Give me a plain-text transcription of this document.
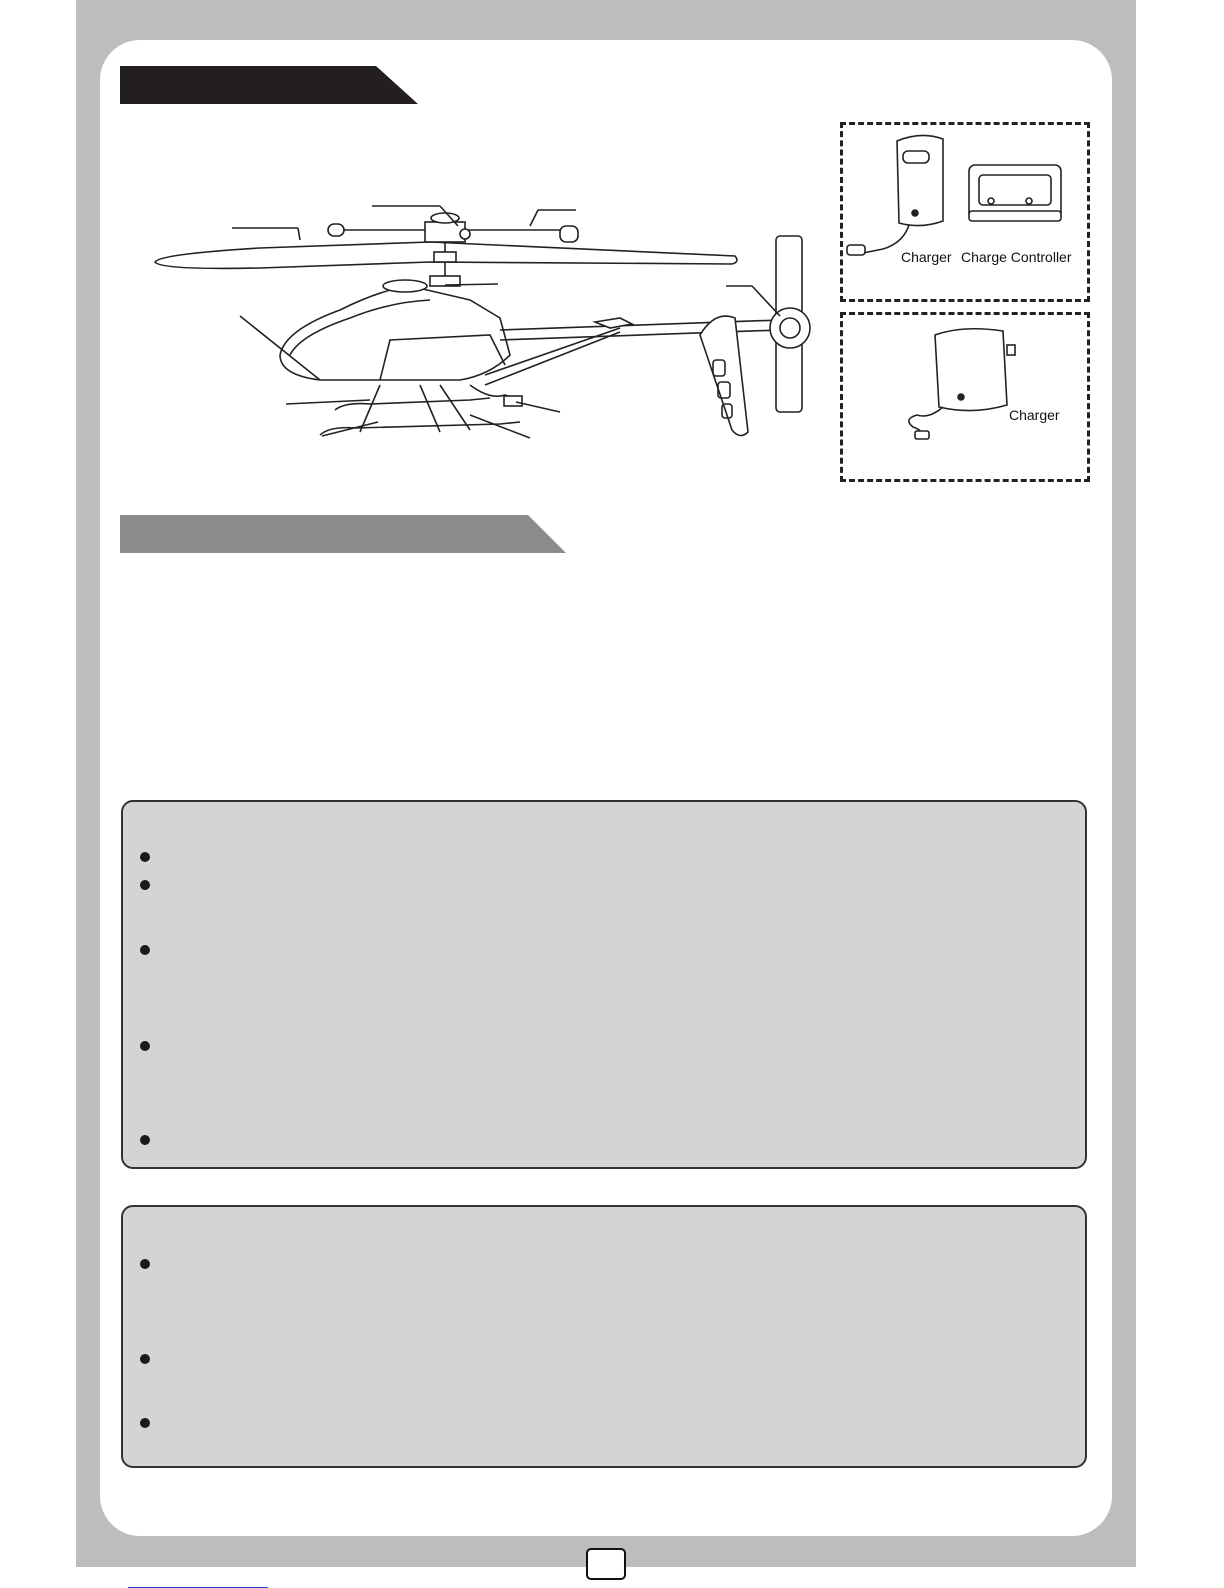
Charger Charge Controller
Charger
